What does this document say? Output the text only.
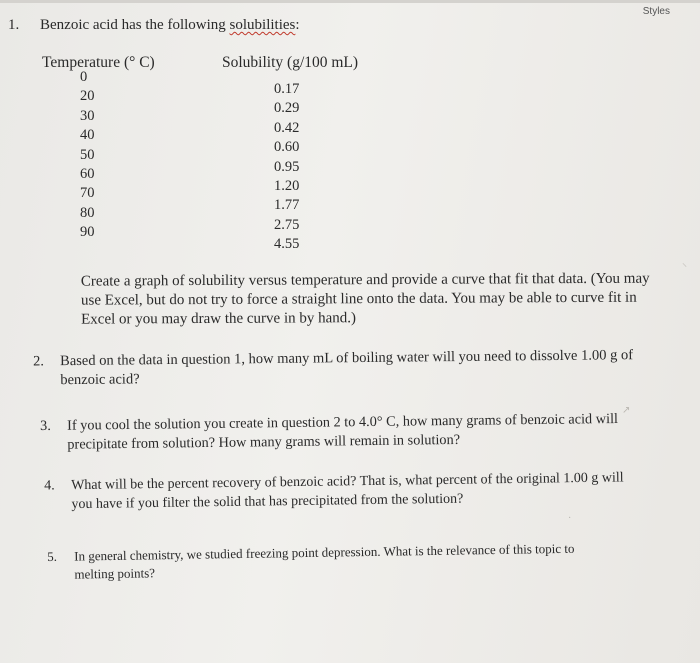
Styles
1. Benzoic acid has the following solubilities:
Temperature (° C)	Solubility (g/100 mL)
0
20
30
40
50
60
70
80
90
0.17
0.29
0.42
0.60
0.95
1.20
1.77
2.75
4.55
Create a graph of solubility versus temperature and provide a curve that fit that data. (You may
use Excel, but do not try to force a straight line onto the data. You may be able to curve fit in
Excel or you may draw the curve in by hand.)
2. Based on the data in question 1, how many mL of boiling water will you need to dissolve 1.00 g of
benzoic acid?
3. If you cool the solution you create in question 2 to 4.0° C, how many grams of benzoic acid will
precipitate from solution? How many grams will remain in solution?
4. What will be the percent recovery of benzoic acid? That is, what percent of the original 1.00 g will
you have if you filter the solid that has precipitated from the solution?
5. In general chemistry, we studied freezing point depression. What is the relevance of this topic to
melting points?
⸜
↗
·
